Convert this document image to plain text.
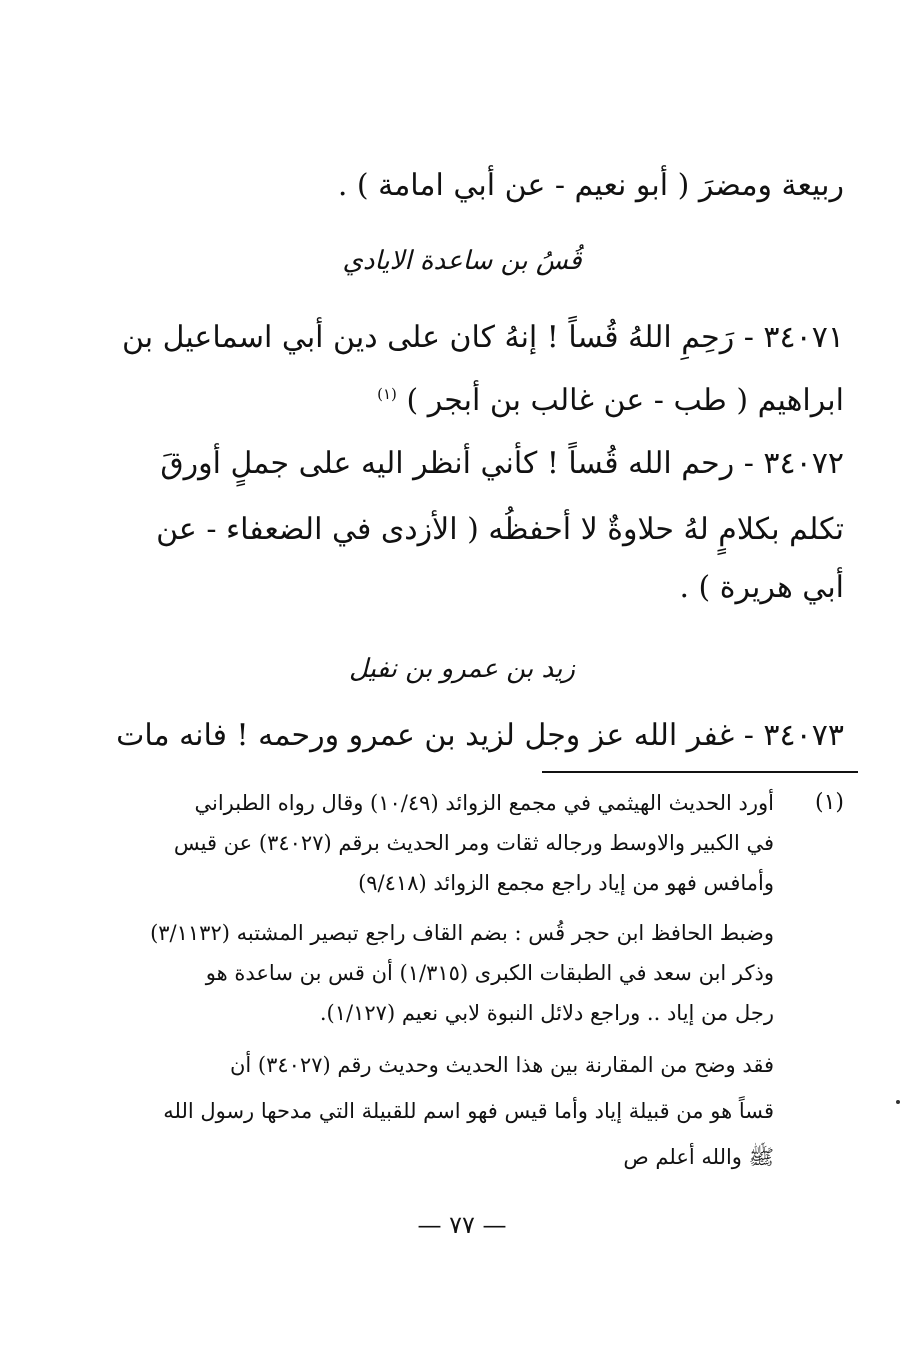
ربيعة ومضرَ ( أبو نعيم - عن أبي امامة ) .
قُسُ بن ساعدة الايادي
٣٤٠٧١ - رَحِمِ اللهُ قُساً ! إنهُ كان على دين أبي اسماعيل بن
ابراهيم ( طب - عن غالب بن أبجر ) $^{(١)}$
٣٤٠٧٢ - رحم الله قُساً ! كأني أنظر اليه على جملٍ أورقَ
تكلم بكلامٍ لهُ حلاوةٌ لا أحفظُه ( الأزدى في الضعفاء - عن
أبي هريرة ) .
زيد بن عمرو بن نفيل
٣٤٠٧٣ - غفر الله عز وجل لزيد بن عمرو ورحمه ! فانه مات
(١)
أورد الحديث الهيثمي في مجمع الزوائد (١٠/٤٩) وقال رواه الطبراني
في الكبير والاوسط ورجاله ثقات ومر الحديث برقم (٣٤٠٢٧) عن قيس
وأمافس فهو من إياد راجع مجمع الزوائد (٩/٤١٨)
وضبط الحافظ ابن حجر قُس : بضم القاف راجع تبصير المشتبه (٣/١١٣٢)
وذكر ابن سعد في الطبقات الكبرى (١/٣١٥) أن قس بن ساعدة هو
رجل من إياد .. وراجع دلائل النبوة لابي نعيم (١/١٢٧).
فقد وضح من المقارنة بين هذا الحديث وحديث رقم (٣٤٠٢٧) أن
قساً هو من قبيلة إياد وأما قيس فهو اسم للقبيلة التي مدحها رسول الله
ﷺ والله أعلم ص
— ٧٧ —
